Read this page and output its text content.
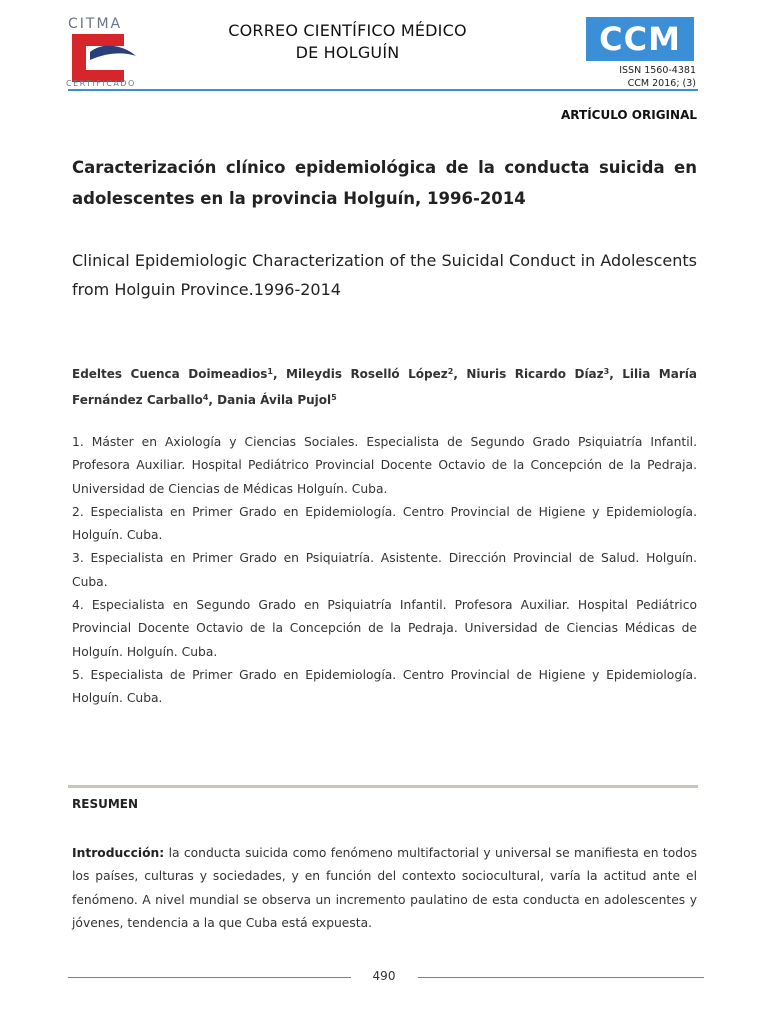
CITMA
CERTIFICADO
CORREO CIENTÍFICO MÉDICO
DE HOLGUÍN	CCM
ISSN 1560-4381
CCM 2016; (3)
ARTÍCULO ORIGINAL
Caracterización clínico epidemiológica de la conducta suicida en adolescentes en la provincia Holguín, 1996-2014
Clinical Epidemiologic Characterization of the Suicidal Conduct in Adolescents from Holguin Province.1996-2014
Edeltes Cuenca Doimeadios$^1$, Mileydis Roselló López$^2$, Niuris Ricardo Díaz$^3$, Lilia María Fernández Carballo$^4$, Dania Ávila Pujol$^5$

1. Máster en Axiología y Ciencias Sociales. Especialista de Segundo Grado Psiquiatría Infantil. Profesora Auxiliar. Hospital Pediátrico Provincial Docente Octavio de la Concepción de la Pedraja. Universidad de Ciencias de Médicas Holguín. Cuba.

2. Especialista en Primer Grado en Epidemiología. Centro Provincial de Higiene y Epidemiología. Holguín. Cuba.

3. Especialista en Primer Grado en Psiquiatría. Asistente. Dirección Provincial de Salud. Holguín. Cuba.

4. Especialista en Segundo Grado en Psiquiatría Infantil. Profesora Auxiliar. Hospital Pediátrico Provincial Docente Octavio de la Concepción de la Pedraja. Universidad de Ciencias Médicas de Holguín. Holguín. Cuba.

5. Especialista de Primer Grado en Epidemiología. Centro Provincial de Higiene y Epidemiología. Holguín. Cuba.

RESUMEN
Introducción: la conducta suicida como fenómeno multifactorial y universal se manifiesta en todos los países, culturas y sociedades, y en función del contexto sociocultural, varía la actitud ante el fenómeno. A nivel mundial se observa un incremento paulatino de esta conducta en adolescentes y jóvenes, tendencia a la que Cuba está expuesta.
490
